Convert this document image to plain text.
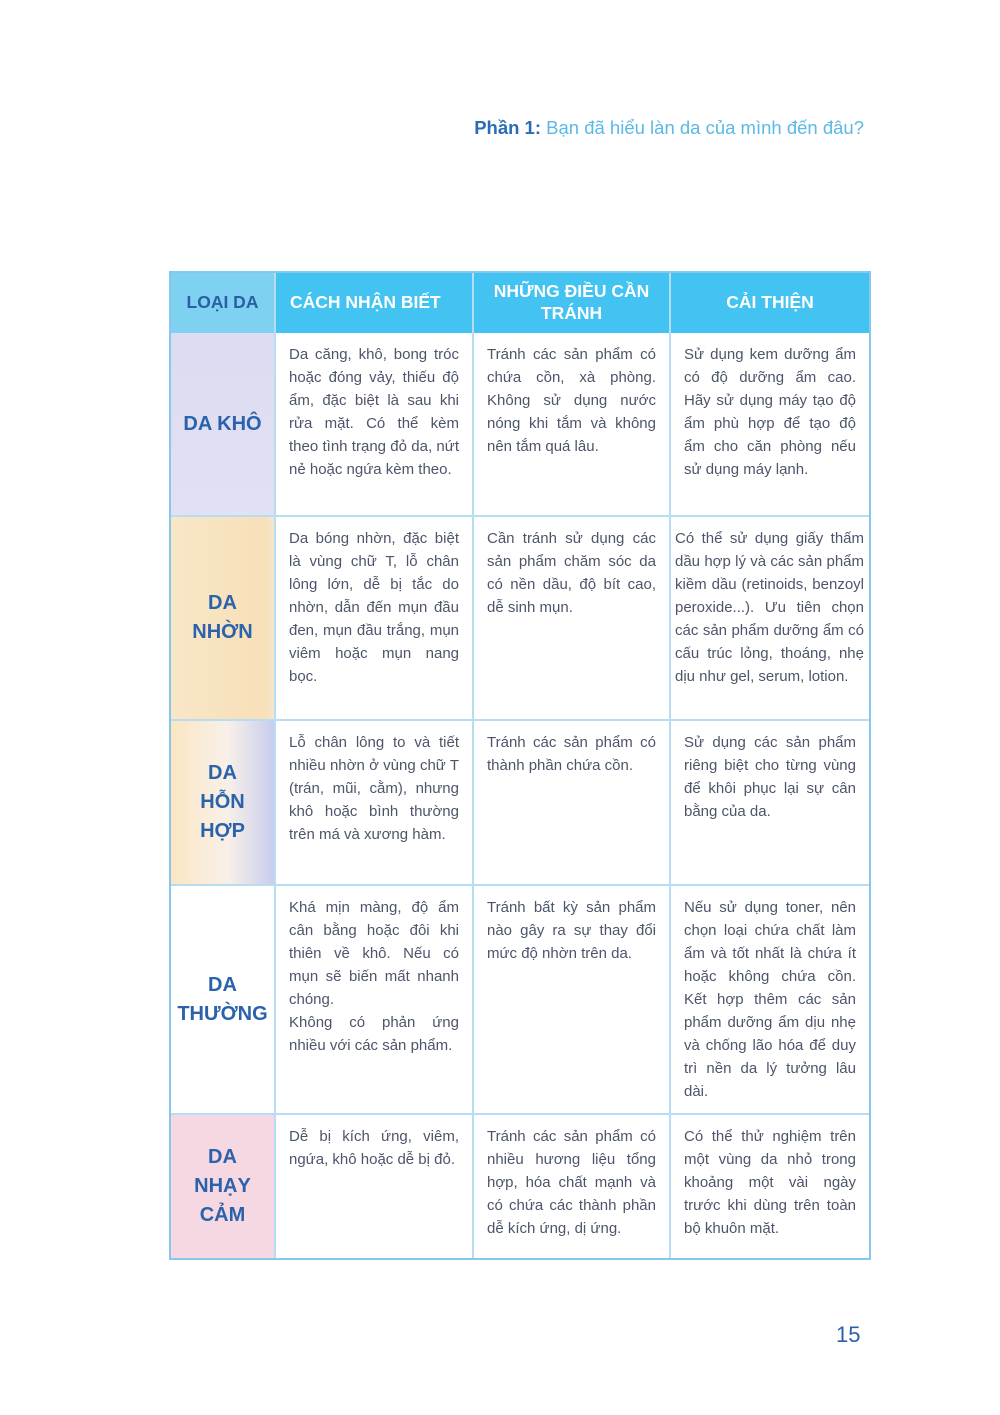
Phần 1: Bạn đã hiểu làn da của mình đến đâu?
LOẠI DA	CÁCH NHẬN BIẾT	NHỮNG ĐIỀU CẦN TRÁNH	CẢI THIỆN
DA KHÔ	Da căng, khô, bong tróc hoặc đóng vảy, thiếu độ ẩm, đặc biệt là sau khi rửa mặt. Có thể kèm theo tình trạng đỏ da, nứt nẻ hoặc ngứa kèm theo.	Tránh các sản phẩm có chứa cồn, xà phòng. Không sử dụng nước nóng khi tắm và không nên tắm quá lâu.	Sử dụng kem dưỡng ẩm có độ dưỡng ẩm cao. Hãy sử dụng máy tạo độ ẩm phù hợp để tạo độ ẩm cho căn phòng nếu sử dụng máy lạnh.

DA NHỜN	Da bóng nhờn, đặc biệt là vùng chữ T, lỗ chân lông lớn, dễ bị tắc do nhờn, dẫn đến mụn đầu đen, mụn đầu trắng, mụn viêm hoặc mụn nang bọc.	Cần tránh sử dụng các sản phẩm chăm sóc da có nền dầu, độ bít cao, dễ sinh mụn.	Có thể sử dụng giấy thấm dầu hợp lý và các sản phẩm kiềm dầu (retinoids, benzoyl peroxide...). Ưu tiên chọn các sản phẩm dưỡng ẩm có cấu trúc lỏng, thoáng, nhẹ dịu như gel, serum, lotion.

DA HỖN HỢP	Lỗ chân lông to và tiết nhiều nhờn ở vùng chữ T (trán, mũi, cằm), nhưng khô hoặc bình thường trên má và xương hàm.	Tránh các sản phẩm có thành phần chứa cồn.	Sử dụng các sản phẩm riêng biệt cho từng vùng để khôi phục lại sự cân bằng của da.

DA THƯỜNG	Khá mịn màng, độ ẩm cân bằng hoặc đôi khi thiên về khô. Nếu có mụn sẽ biến mất nhanh chóng.
Không có phản ứng nhiều với các sản phẩm.	Tránh bất kỳ sản phẩm nào gây ra sự thay đổi mức độ nhờn trên da.	Nếu sử dụng toner, nên chọn loại chứa chất làm ẩm và tốt nhất là chứa ít hoặc không chứa cồn. Kết hợp thêm các sản phẩm dưỡng ẩm dịu nhẹ và chống lão hóa để duy trì nền da lý tưởng lâu dài.

DA NHẠY CẢM	Dễ bị kích ứng, viêm, ngứa, khô hoặc dễ bị đỏ.	Tránh các sản phẩm có nhiều hương liệu tổng hợp, hóa chất mạnh và có chứa các thành phần dễ kích ứng, dị ứng.	Có thể thử nghiệm trên một vùng da nhỏ trong khoảng một vài ngày trước khi dùng trên toàn bộ khuôn mặt.
15
